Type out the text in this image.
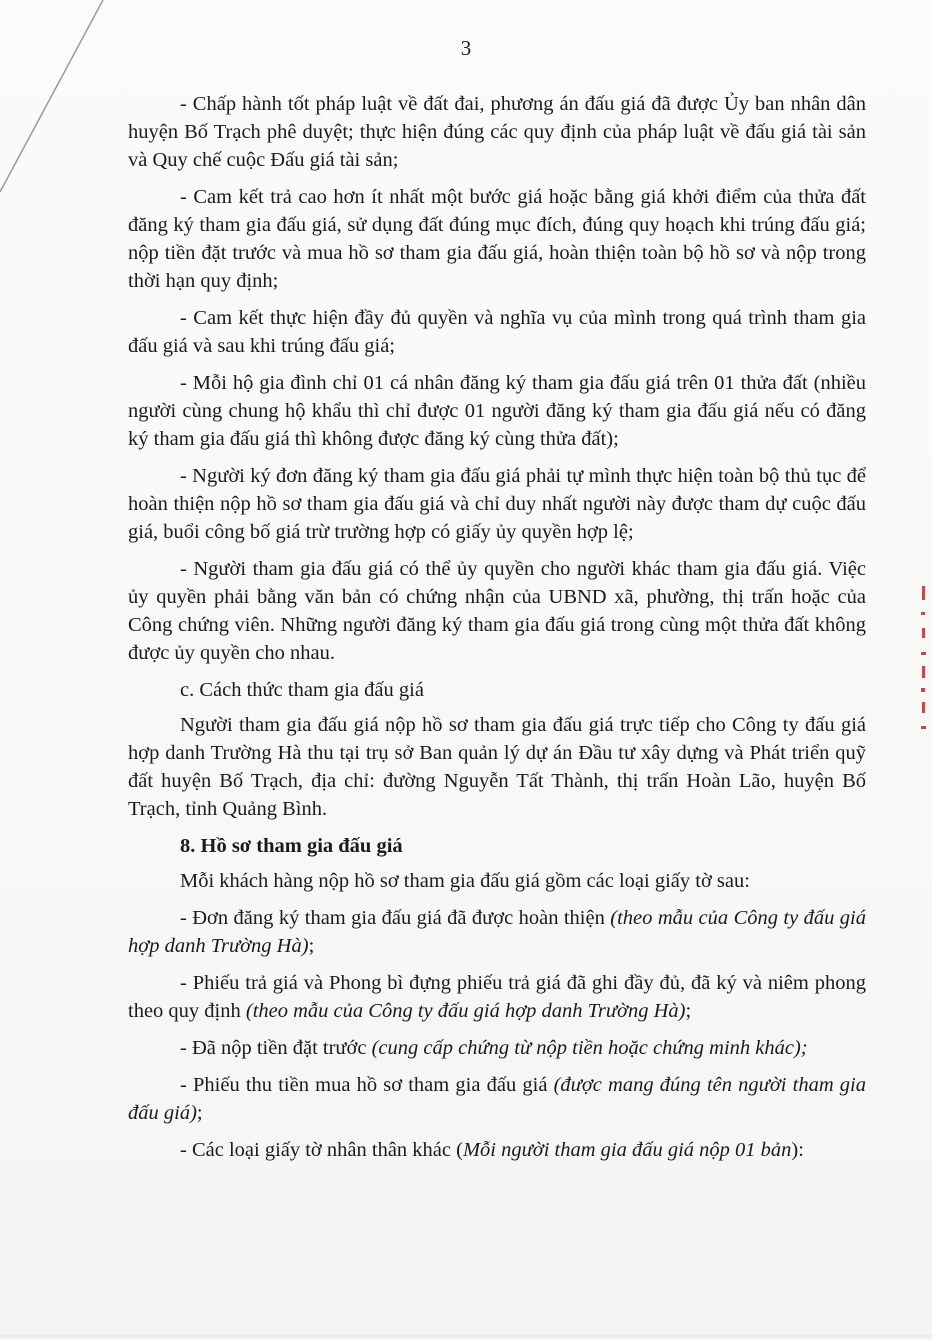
3

- Chấp hành tốt pháp luật về đất đai, phương án đấu giá đã được Ủy ban nhân dân huyện Bố Trạch phê duyệt; thực hiện đúng các quy định của pháp luật về đấu giá tài sản và Quy chế cuộc Đấu giá tài sản;

- Cam kết trả cao hơn ít nhất một bước giá hoặc bằng giá khởi điểm của thửa đất đăng ký tham gia đấu giá, sử dụng đất đúng mục đích, đúng quy hoạch khi trúng đấu giá; nộp tiền đặt trước và mua hồ sơ tham gia đấu giá, hoàn thiện toàn bộ hồ sơ và nộp trong thời hạn quy định;

- Cam kết thực hiện đầy đủ quyền và nghĩa vụ của mình trong quá trình tham gia đấu giá và sau khi trúng đấu giá;

- Mỗi hộ gia đình chỉ 01 cá nhân đăng ký tham gia đấu giá trên 01 thửa đất (nhiều người cùng chung hộ khẩu thì chỉ được 01 người đăng ký tham gia đấu giá nếu có đăng ký tham gia đấu giá thì không được đăng ký cùng thửa đất);

- Người ký đơn đăng ký tham gia đấu giá phải tự mình thực hiện toàn bộ thủ tục để hoàn thiện nộp hồ sơ tham gia đấu giá và chỉ duy nhất người này được tham dự cuộc đấu giá, buổi công bố giá trừ trường hợp có giấy ủy quyền hợp lệ;

- Người tham gia đấu giá có thể ủy quyền cho người khác tham gia đấu giá. Việc ủy quyền phải bằng văn bản có chứng nhận của UBND xã, phường, thị trấn hoặc của Công chứng viên. Những người đăng ký tham gia đấu giá trong cùng một thửa đất không được ủy quyền cho nhau.

c. Cách thức tham gia đấu giá

Người tham gia đấu giá nộp hồ sơ tham gia đấu giá trực tiếp cho Công ty đấu giá hợp danh Trường Hà thu tại trụ sở Ban quản lý dự án Đầu tư xây dựng và Phát triển quỹ đất huyện Bố Trạch, địa chỉ: đường Nguyễn Tất Thành, thị trấn Hoàn Lão, huyện Bố Trạch, tỉnh Quảng Bình.

8. Hồ sơ tham gia đấu giá

Mỗi khách hàng nộp hồ sơ tham gia đấu giá gồm các loại giấy tờ sau:

- Đơn đăng ký tham gia đấu giá đã được hoàn thiện (theo mẫu của Công ty đấu giá hợp danh Trường Hà);

- Phiếu trả giá và Phong bì đựng phiếu trả giá đã ghi đầy đủ, đã ký và niêm phong theo quy định (theo mẫu của Công ty đấu giá hợp danh Trường Hà);

- Đã nộp tiền đặt trước (cung cấp chứng từ nộp tiền hoặc chứng minh khác);

- Phiếu thu tiền mua hồ sơ tham gia đấu giá (được mang đúng tên người tham gia đấu giá);

- Các loại giấy tờ nhân thân khác (Mỗi người tham gia đấu giá nộp 01 bản):
